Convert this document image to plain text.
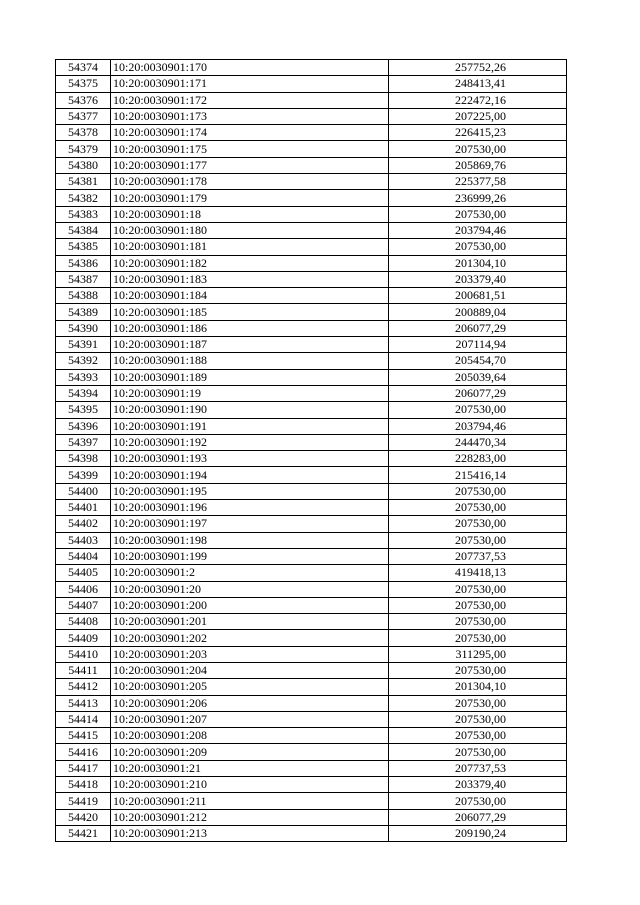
54374	10:20:0030901:170	257752,26
54375	10:20:0030901:171	248413,41
54376	10:20:0030901:172	222472,16
54377	10:20:0030901:173	207225,00
54378	10:20:0030901:174	226415,23
54379	10:20:0030901:175	207530,00
54380	10:20:0030901:177	205869,76
54381	10:20:0030901:178	225377,58
54382	10:20:0030901:179	236999,26
54383	10:20:0030901:18	207530,00
54384	10:20:0030901:180	203794,46
54385	10:20:0030901:181	207530,00
54386	10:20:0030901:182	201304,10
54387	10:20:0030901:183	203379,40
54388	10:20:0030901:184	200681,51
54389	10:20:0030901:185	200889,04
54390	10:20:0030901:186	206077,29
54391	10:20:0030901:187	207114,94
54392	10:20:0030901:188	205454,70
54393	10:20:0030901:189	205039,64
54394	10:20:0030901:19	206077,29
54395	10:20:0030901:190	207530,00
54396	10:20:0030901:191	203794,46
54397	10:20:0030901:192	244470,34
54398	10:20:0030901:193	228283,00
54399	10:20:0030901:194	215416,14
54400	10:20:0030901:195	207530,00
54401	10:20:0030901:196	207530,00
54402	10:20:0030901:197	207530,00
54403	10:20:0030901:198	207530,00
54404	10:20:0030901:199	207737,53
54405	10:20:0030901:2	419418,13
54406	10:20:0030901:20	207530,00
54407	10:20:0030901:200	207530,00
54408	10:20:0030901:201	207530,00
54409	10:20:0030901:202	207530,00
54410	10:20:0030901:203	311295,00
54411	10:20:0030901:204	207530,00
54412	10:20:0030901:205	201304,10
54413	10:20:0030901:206	207530,00
54414	10:20:0030901:207	207530,00
54415	10:20:0030901:208	207530,00
54416	10:20:0030901:209	207530,00
54417	10:20:0030901:21	207737,53
54418	10:20:0030901:210	203379,40
54419	10:20:0030901:211	207530,00
54420	10:20:0030901:212	206077,29
54421	10:20:0030901:213	209190,24
